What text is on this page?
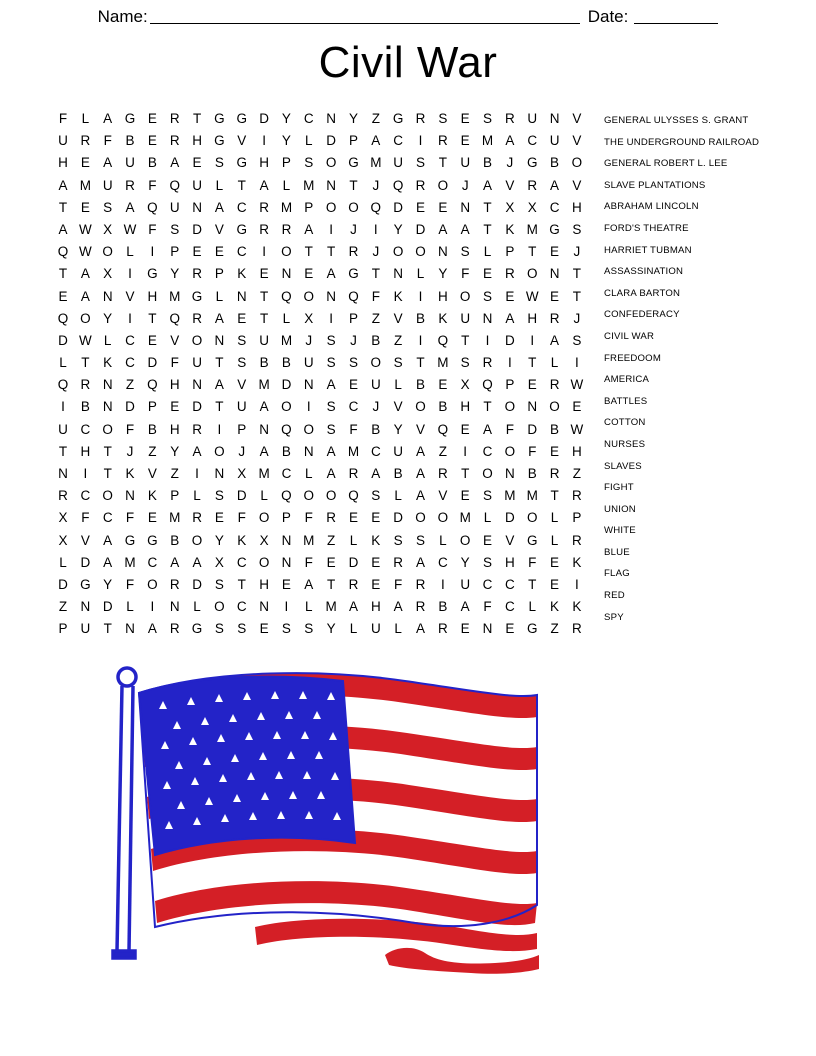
Name:	Date:
Civil War
F	L	A G E R T G G D Y C N Y	Z G R S E S R U N V
U R F	B E R H G V	I	Y	L	D P A C	I	R E M A C U V
H E A U B A E S G H P S O G M U S	T U B	J	G B O
A M U R F Q U	L	T	A	L M N T	J	Q R O	J	A V R A V
T	E S A Q U N A C R M P O O Q D E E N T	X X C H
A W X W F	S D V G R R A	I	J	I	Y D A A	T	K M G S
Q W O L	I	P E E C	I	O T	T R	J	O O N S	L	P	T	E	J
T	A X	I	G Y R P K E N E A G T N	L	Y	F	E R O N T
E A N V H M G L	N T Q O N Q F	K	I	H O S E W E	T
Q O Y	I	T Q R A E	T	L	X	I	P	Z	V B K U N A H R	J
D W L	C E V O N S U M J	S	J	B	Z	I	Q T	I	D	I	A S
L	T	K C D F U T	S B B U S S O S	T M S R	I	T	L	I
Q R N Z Q H N A V M D N A E U	L	B E X Q P E R W
I	B N D P E D T U A O	I	S C	J	V O B H T O N O E
U C O F	B H R	I	P N Q O S	F	B Y V Q E A	F D B W
T H T	J	Z	Y A O	J	A B N A M C U A	Z	I	C O F	E H
N	I	T	K V	Z	I	N X M C	L	A R A B A R T O N B R Z
R C O N K P	L	S D	L Q O O Q S	L	A V E S M M T R
X	F C F	E M R E	F O P	F R E E D O O M L	D O L	P
X V A G G B O Y K X N M Z	L	K S S	L O E V G L	R
L	D A M C A A X C O N F	E D E R A C Y S H F	E K
D G Y	F O R D S	T H E A	T R E	F R	I	U C C T	E	I
Z N D	L	I	N	L O C N	I	L M A H A R B A	F C	L	K K
P U T N A R G S S E S S Y	L	U	L	A R E N E G Z R
GENERAL ULYSSES S. GRANT
THE UNDERGROUND RAILROAD
GENERAL ROBERT L. LEE
SLAVE PLANTATIONS
ABRAHAM LINCOLN
FORD'S THEATRE
HARRIET TUBMAN
ASSASSINATION
CLARA BARTON
CONFEDERACY
CIVIL WAR
FREEDOOM
AMERICA
BATTLES
COTTON
NURSES
SLAVES
FIGHT
UNION
WHITE
BLUE
FLAG
RED
SPY
